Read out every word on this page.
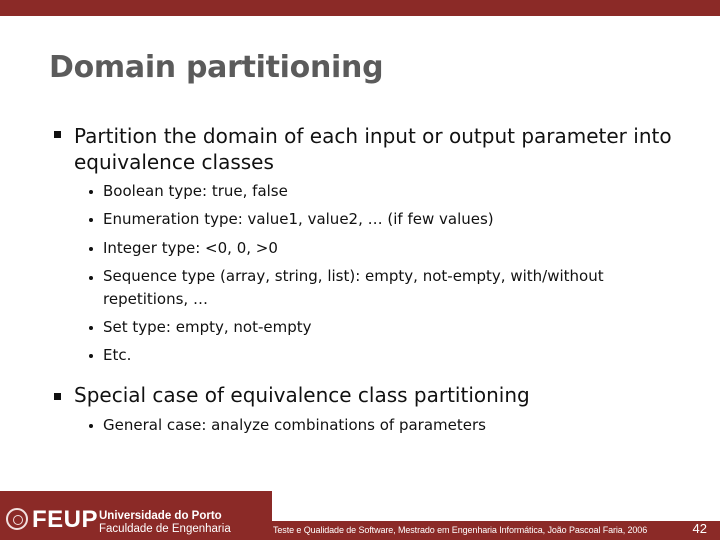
Domain partitioning
Partition the domain of each input or output parameter into equivalence classes
Boolean type: true, false
Enumeration type: value1, value2, … (if few values)
Integer type: <0, 0, >0
Sequence type (array, string, list): empty, not-empty, with/without repetitions, …
Set type: empty, not-empty
Etc.
Special case of equivalence class partitioning
General case: analyze combinations of parameters
FEUP Universidade do Porto
Faculdade de Engenharia	Teste e Qualidade de Software, Mestrado em Engenharia Informática, João Pascoal Faria, 2006	42
